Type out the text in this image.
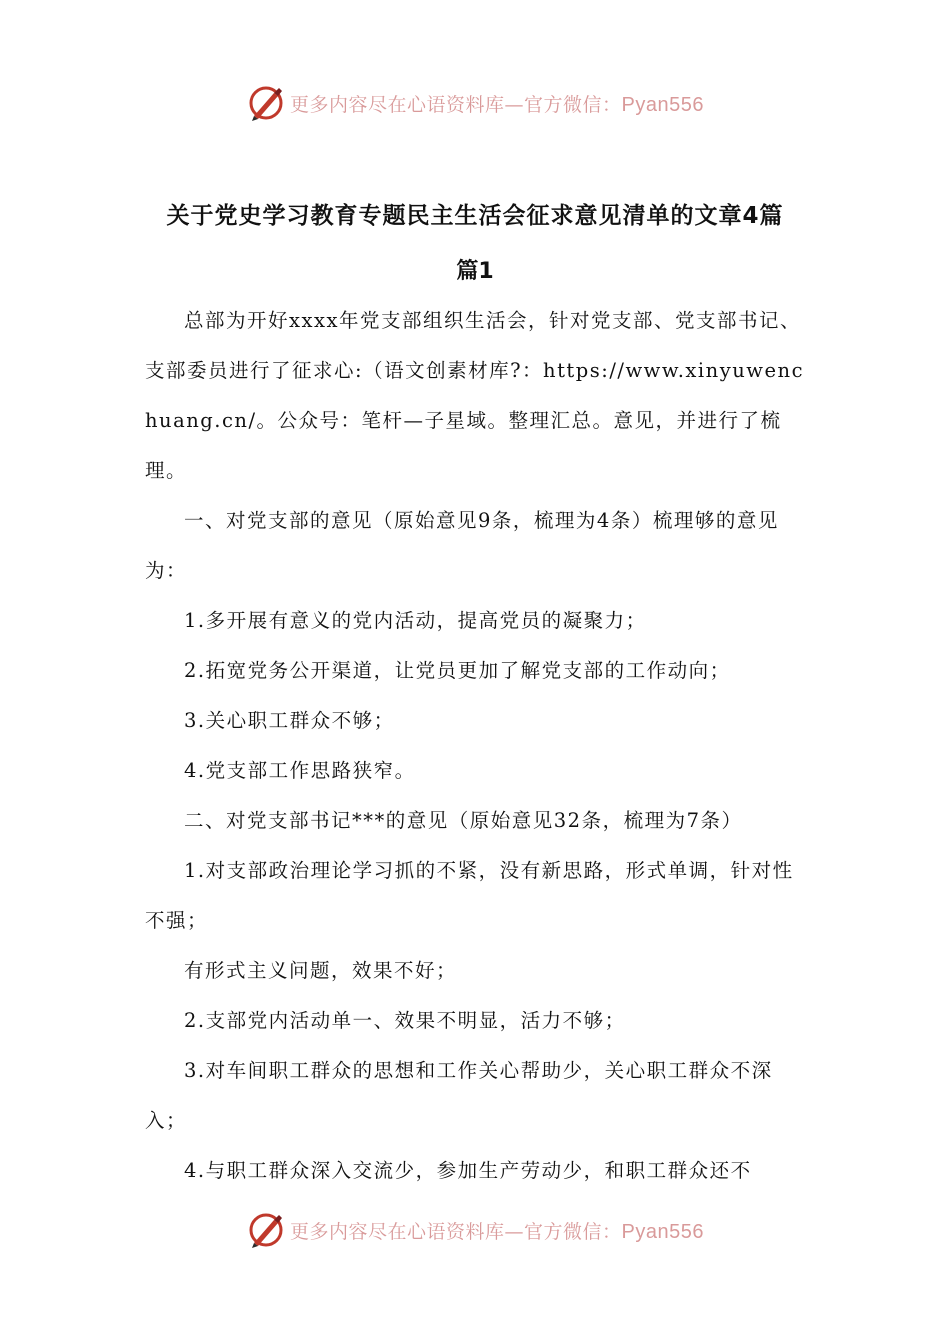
更多内容尽在心语资料库—官方微信：Pyan556
关于党史学习教育专题民主生活会征求意见清单的文章4篇
篇1

总部为开好xxxx年党支部组织生活会，针对党支部、党支部书记、支部委员进行了征求心:（语文创素材库?：https://www.xinyuwenchuang.cn/。公众号：笔杆—子星域。整理汇总。意见，并进行了梳理。

一、对党支部的意见（原始意见9条，梳理为4条）梳理够的意见为：

1.多开展有意义的党内活动，提高党员的凝聚力；

2.拓宽党务公开渠道，让党员更加了解党支部的工作动向；

3.关心职工群众不够；

4.党支部工作思路狭窄。

二、对党支部书记***的意见（原始意见32条，梳理为7条）

1.对支部政治理论学习抓的不紧，没有新思路，形式单调，针对性不强；

有形式主义问题，效果不好；

2.支部党内活动单一、效果不明显，活力不够；

3.对车间职工群众的思想和工作关心帮助少，关心职工群众不深入；

4.与职工群众深入交流少，参加生产劳动少，和职工群众还不

更多内容尽在心语资料库—官方微信：Pyan556
